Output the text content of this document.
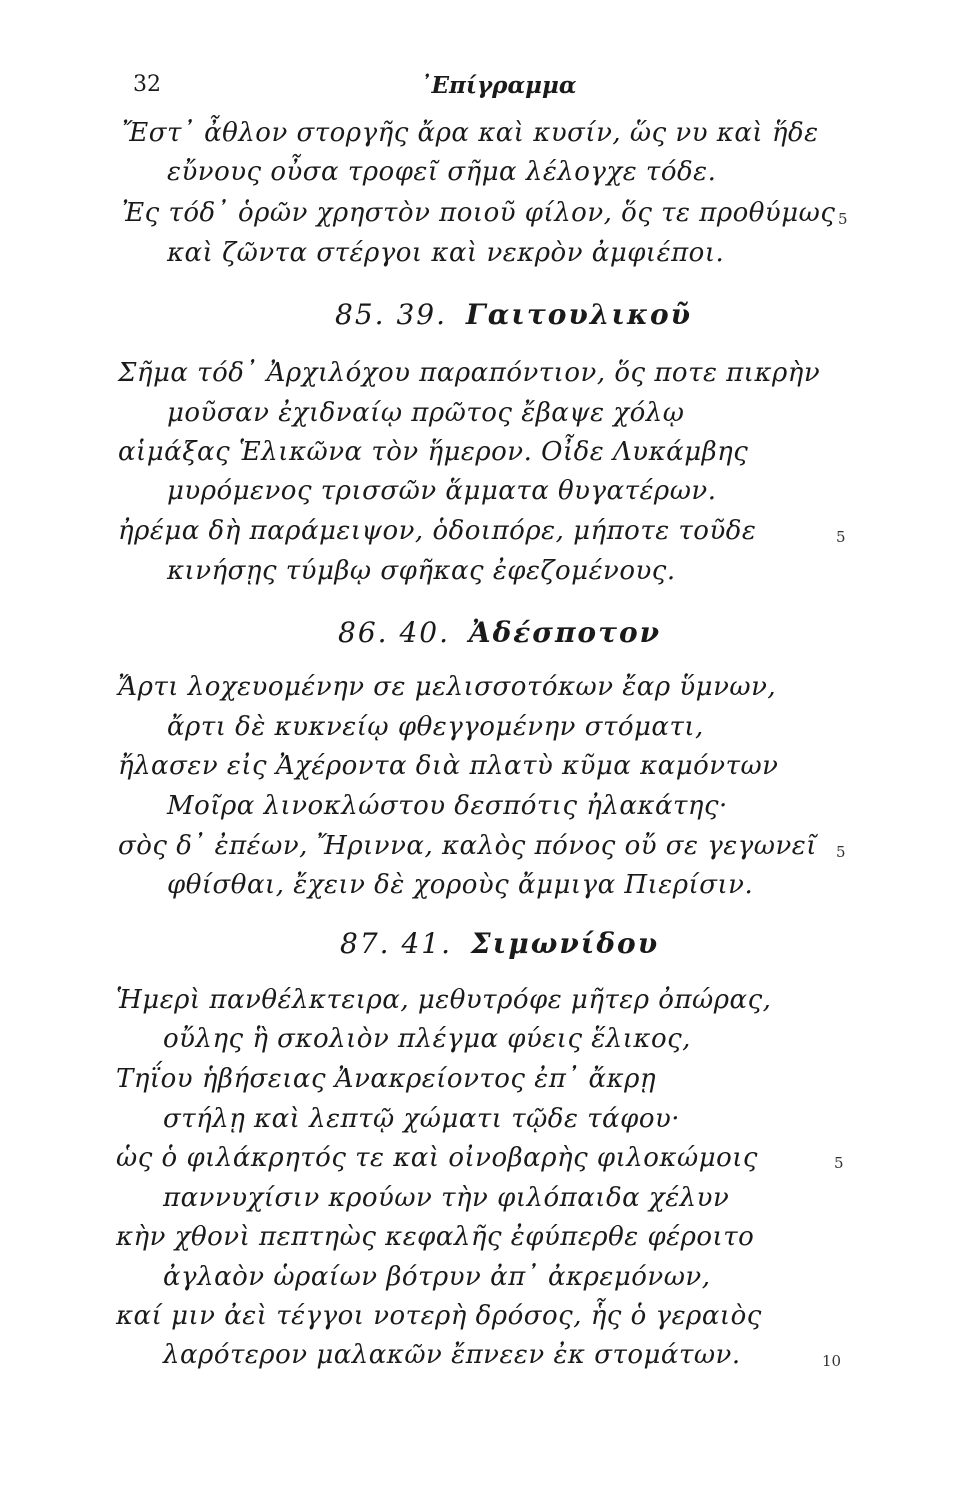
32	᾿Επίγραμμα
Ἔστ᾿ ἆθλον στοργῆς ἄρα καὶ κυσίν, ὥς νυ καὶ ἥδε
εὔνους οὖσα τροφεῖ σῆμα λέλογχε τόδε.
Ἐς τόδ᾿ ὁρῶν χρηστὸν ποιοῦ φίλον, ὅς τε προθύμως 5
καὶ ζῶντα στέργοι καὶ νεκρὸν ἀμφιέποι.
85. 39. Γαιτουλικοῦ
Σῆμα τόδ᾿ Ἀρχιλόχου παραπόντιον, ὅς ποτε πικρὴν
μοῦσαν ἐχιδναίῳ πρῶτος ἔβαψε χόλῳ
αἱμάξας Ἑλικῶνα τὸν ἥμερον. Οἶδε Λυκάμβης
μυρόμενος τρισσῶν ἅμματα θυγατέρων.
ἠρέμα δὴ παράμειψον, ὁδοιπόρε, μήποτε τοῦδε	5
κινήσῃς τύμβῳ σφῆκας ἐφεζομένους.
86. 40. Ἀδέσποτον
Ἄρτι λοχευομένην σε μελισσοτόκων ἔαρ ὕμνων,
ἄρτι δὲ κυκνείῳ φθεγγομένην στόματι,
ἤλασεν εἰς Ἀχέροντα διὰ πλατὺ κῦμα καμόντων
Μοῖρα λινοκλώστου δεσπότις ἠλακάτης·
σὸς δ᾿ ἐπέων, Ἤριννα, καλὸς πόνος οὔ σε γεγωνεῖ 5
φθίσθαι, ἔχειν δὲ χοροὺς ἄμμιγα Πιερίσιν.
87. 41. Σιμωνίδου
Ἡμερὶ πανθέλκτειρα, μεθυτρόφε μῆτερ ὀπώρας,
οὔλης ἣ σκολιὸν πλέγμα φύεις ἕλικος,
Τηΐου ἡβήσειας Ἀνακρείοντος ἐπ᾿ ἄκρῃ
στήλῃ καὶ λεπτῷ χώματι τῷδε τάφου·
ὡς ὁ φιλάκρητός τε καὶ οἰνοβαρὴς φιλοκώμοις	5
παννυχίσιν κρούων τὴν φιλόπαιδα χέλυν
κὴν χθονὶ πεπτηὼς κεφαλῆς ἐφύπερθε φέροιτο
ἀγλαὸν ὡραίων βότρυν ἀπ᾿ ἀκρεμόνων,
καί μιν ἀεὶ τέγγοι νοτερὴ δρόσος, ἧς ὁ γεραιὸς
λαρότερον μαλακῶν ἔπνεεν ἐκ στομάτων.	10
